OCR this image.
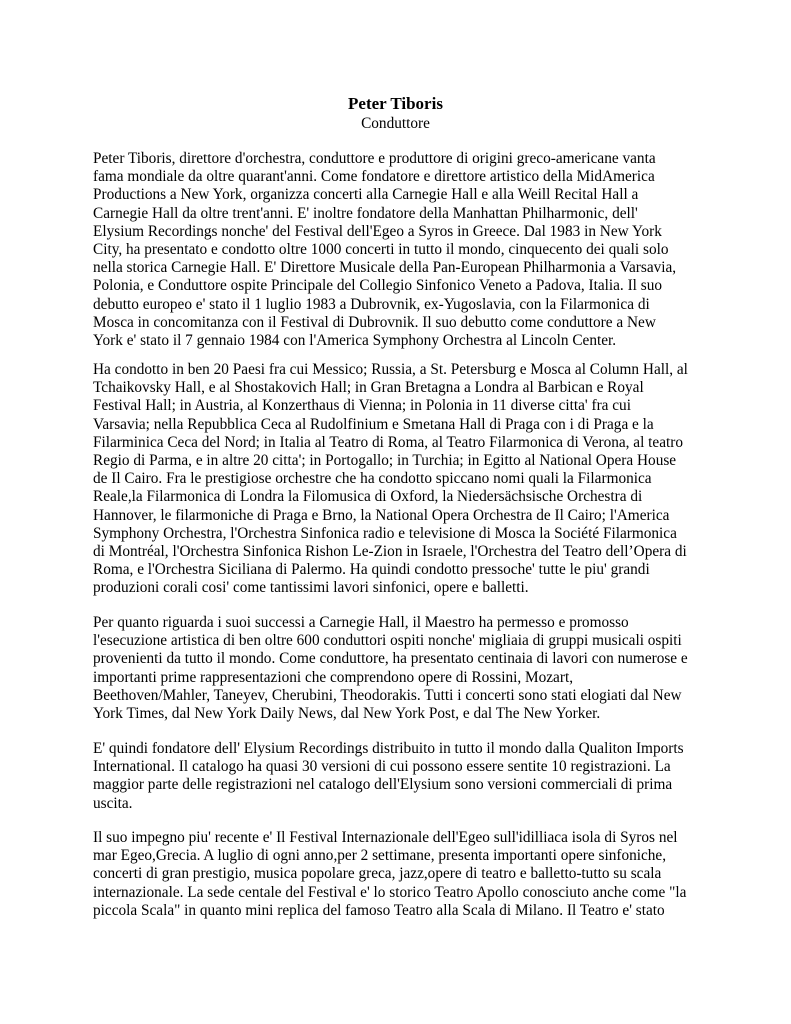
Peter Tiboris
Conduttore
Peter Tiboris, direttore d'orchestra, conduttore e produttore di origini greco-americane vanta
fama mondiale da oltre quarant'anni. Come fondatore e direttore artistico della MidAmerica
Productions a New York, organizza concerti alla Carnegie Hall e alla Weill Recital Hall a
Carnegie Hall da oltre trent'anni. E' inoltre fondatore della Manhattan Philharmonic, dell'
Elysium Recordings nonche' del Festival dell'Egeo a Syros in Greece. Dal 1983 in New York
City, ha presentato e condotto oltre 1000 concerti in tutto il mondo, cinquecento dei quali solo
nella storica Carnegie Hall. E' Direttore Musicale della Pan-European Philharmonia a Varsavia,
Polonia, e Conduttore ospite Principale del Collegio Sinfonico Veneto a Padova, Italia. Il suo
debutto europeo e' stato il 1 luglio 1983 a Dubrovnik, ex-Yugoslavia, con la Filarmonica di
Mosca in concomitanza con il Festival di Dubrovnik. Il suo debutto come conduttore a New
York e' stato il 7 gennaio 1984 con l'America Symphony Orchestra al Lincoln Center.
Ha condotto in ben 20 Paesi fra cui Messico; Russia, a St. Petersburg e Mosca al Column Hall, al
Tchaikovsky Hall, e al Shostakovich Hall; in Gran Bretagna a Londra al Barbican e Royal
Festival Hall; in Austria, al Konzerthaus di Vienna; in Polonia in 11 diverse citta' fra cui
Varsavia; nella Repubblica Ceca al Rudolfinium e Smetana Hall di Praga con i di Praga e la
Filarminica Ceca del Nord; in Italia al Teatro di Roma, al Teatro Filarmonica di Verona, al teatro
Regio di Parma, e in altre 20 citta'; in Portogallo; in Turchia; in Egitto al National Opera House
de Il Cairo. Fra le prestigiose orchestre che ha condotto spiccano nomi quali la Filarmonica
Reale,la Filarmonica di Londra la Filomusica di Oxford, la Niedersächsische Orchestra di
Hannover, le filarmoniche di Praga e Brno, la National Opera Orchestra de Il Cairo; l'America
Symphony Orchestra, l'Orchestra Sinfonica radio e televisione di Mosca la Société Filarmonica
di Montréal, l'Orchestra Sinfonica Rishon Le-Zion in Israele, l'Orchestra del Teatro dell’Opera di
Roma, e l'Orchestra Siciliana di Palermo. Ha quindi condotto pressoche' tutte le piu' grandi
produzioni corali cosi' come tantissimi lavori sinfonici, opere e balletti.
Per quanto riguarda i suoi successi a Carnegie Hall, il Maestro ha permesso e promosso
l'esecuzione artistica di ben oltre 600 conduttori ospiti nonche' migliaia di gruppi musicali ospiti
provenienti da tutto il mondo. Come conduttore, ha presentato centinaia di lavori con numerose e
importanti prime rappresentazioni che comprendono opere di Rossini, Mozart,
Beethoven/Mahler, Taneyev, Cherubini, Theodorakis. Tutti i concerti sono stati elogiati dal New
York Times, dal New York Daily News, dal New York Post, e dal The New Yorker.
E' quindi fondatore dell' Elysium Recordings distribuito in tutto il mondo dalla Qualiton Imports
International. Il catalogo ha quasi 30 versioni di cui possono essere sentite 10 registrazioni. La
maggior parte delle registrazioni nel catalogo dell'Elysium sono versioni commerciali di prima
uscita.
Il suo impegno piu' recente e' Il Festival Internazionale dell'Egeo sull'idilliaca isola di Syros nel
mar Egeo,Grecia. A luglio di ogni anno,per 2 settimane, presenta importanti opere sinfoniche,
concerti di gran prestigio, musica popolare greca, jazz,opere di teatro e balletto-tutto su scala
internazionale. La sede centale del Festival e' lo storico Teatro Apollo conosciuto anche come "la
piccola Scala" in quanto mini replica del famoso Teatro alla Scala di Milano. Il Teatro e' stato
